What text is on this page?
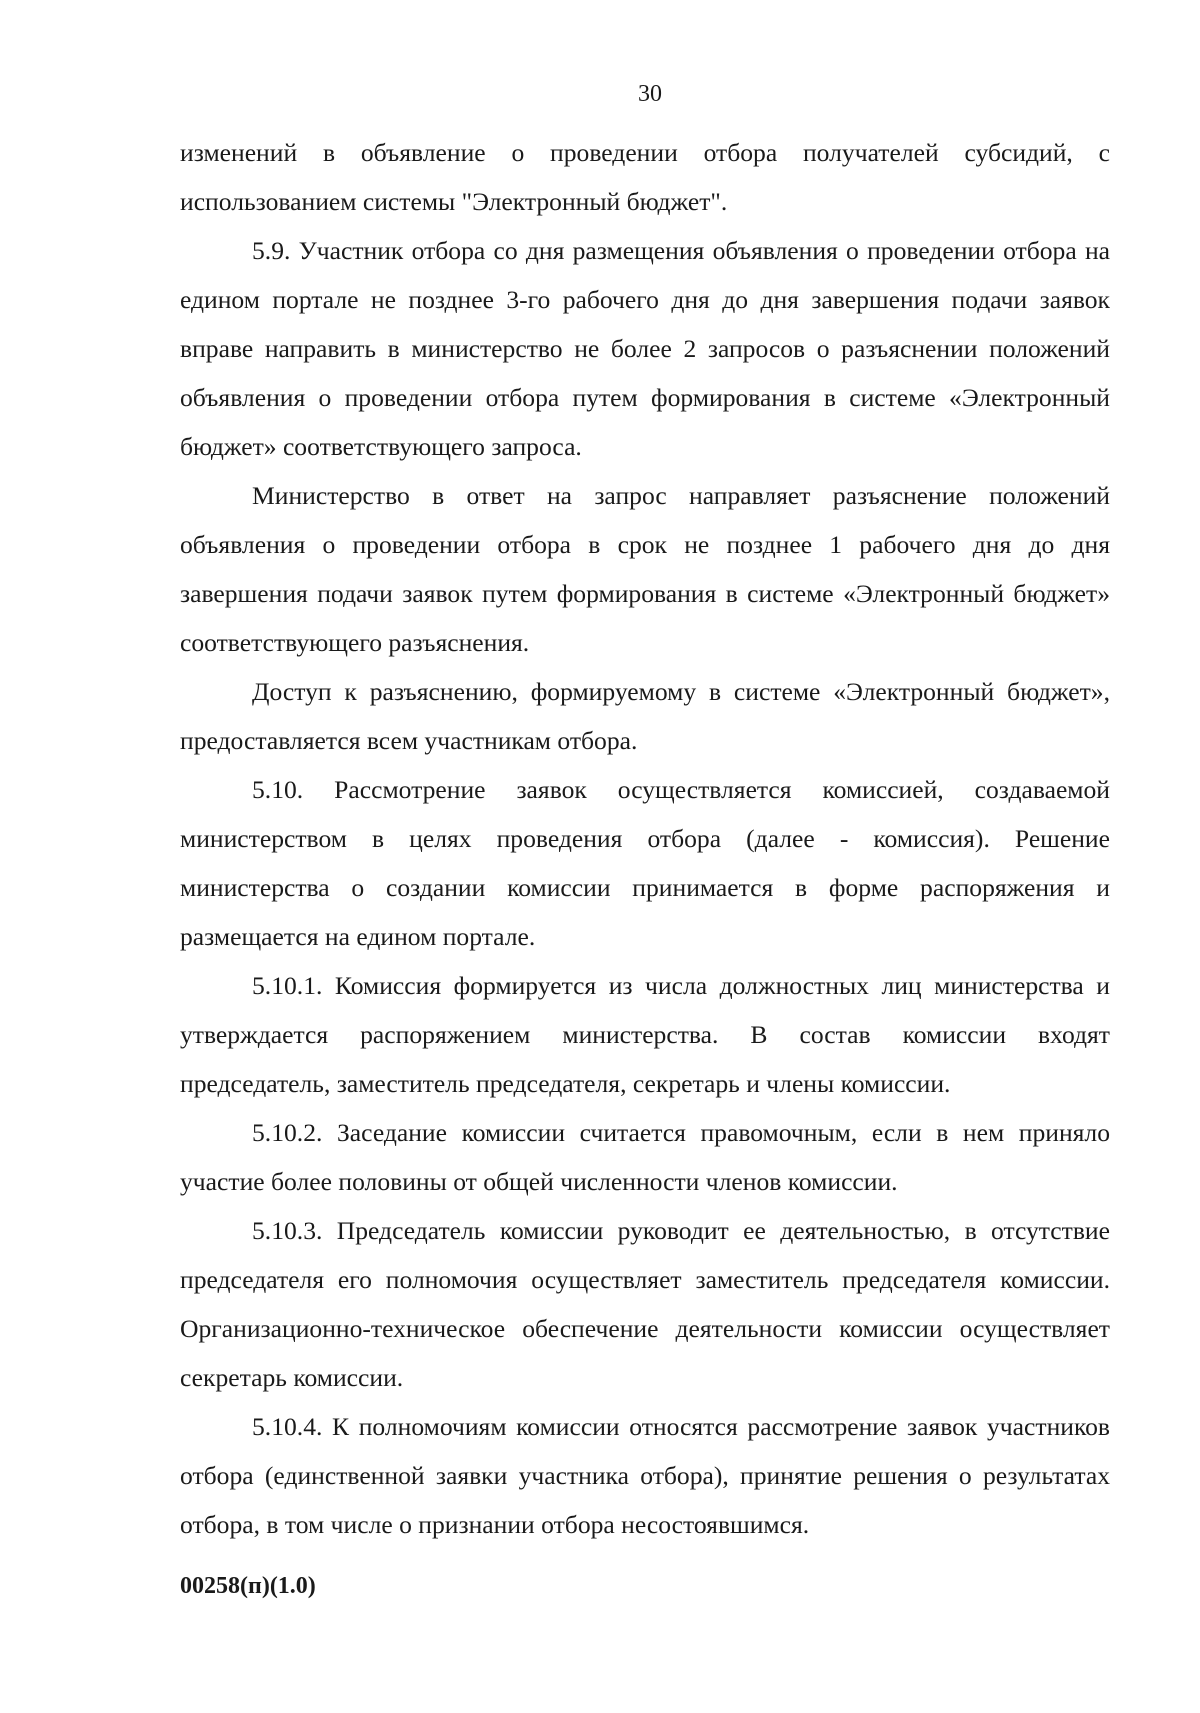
30

изменений в объявление о проведении отбора получателей субсидий, с использованием системы "Электронный бюджет".

5.9. Участник отбора со дня размещения объявления о проведении отбора на едином портале не позднее 3-го рабочего дня до дня завершения подачи заявок вправе направить в министерство не более 2 запросов о разъяснении положений объявления о проведении отбора путем формирования в системе «Электронный бюджет» соответствующего запроса.

Министерство в ответ на запрос направляет разъяснение положений объявления о проведении отбора в срок не позднее 1 рабочего дня до дня завершения подачи заявок путем формирования в системе «Электронный бюджет» соответствующего разъяснения.

Доступ к разъяснению, формируемому в системе «Электронный бюджет», предоставляется всем участникам отбора.

5.10. Рассмотрение заявок осуществляется комиссией, создаваемой министерством в целях проведения отбора (далее - комиссия). Решение министерства о создании комиссии принимается в форме распоряжения и размещается на едином портале.

5.10.1. Комиссия формируется из числа должностных лиц министерства и утверждается распоряжением министерства. В состав комиссии входят председатель, заместитель председателя, секретарь и члены комиссии.

5.10.2. Заседание комиссии считается правомочным, если в нем приняло участие более половины от общей численности членов комиссии.

5.10.3. Председатель комиссии руководит ее деятельностью, в отсутствие председателя его полномочия осуществляет заместитель председателя комиссии. Организационно-техническое обеспечение деятельности комиссии осуществляет секретарь комиссии.

5.10.4. К полномочиям комиссии относятся рассмотрение заявок участников отбора (единственной заявки участника отбора), принятие решения о результатах отбора, в том числе о признании отбора несостоявшимся.

00258(п)(1.0)
